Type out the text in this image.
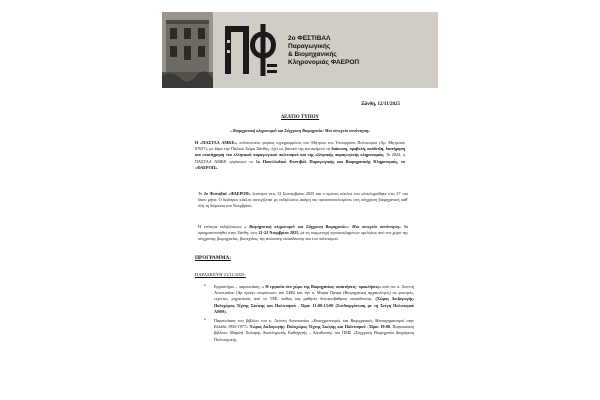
2ο ΦΕΣΤΙΒΑΛ
Παραγωγικής
& Βιομηχανικής
Κληρονομιάς ΦΑΕΡΟΠ
Ξάνθη, 12/11/2025
ΔΕΛΤΙΟ ΤΥΠΟΥ
« Βιομηχανική κληρονομιά και Σύγχρονη Βιομηχανία: Μια συνεχεία συνάντηση»
Η «ΠΑΣΤΑΛ ΑΜΚΕ», πολιτιστικός φορέας εγγεγραμμένος στο Μητρώο του Υπουργείου Πολιτισμού (Αρ. Μητρώου 67657), με έδρα την Παλαιά Χώρα Ξάνθης, έχει ως βασικό της αντικείμενο τη διάσωση, προβολή, ανάδειξη, διατήρηση και επανάχρηση του ελληνικού παραγωγικού πολιτισμού και της ελληνικής παραγωγικής κληρονομιάς. Το 2024, η ΠΑΣΤΑΛ ΑΜΚΕ οργάνωσε το 1ο Πανελλαδικό Φεστιβάλ Παραγωγικής και Βιομηχανικής Κληρονομιάς, το «ΦΑΕΡΟΠ».
Το 2ο Φεστιβάλ «ΦΑΕΡΟΠ» ξεκίνησε στις 13 Σεπτεμβρίου 2025 και ο πρώτος κύκλος του ολοκληρώθηκε στις 27 του ίδιου μήνα. Ο δεύτερος κύκλος συνεχίζεται με εκδηλώσεις ακόμη πιο προσανατολισμένες στη σύγχρονη βιομηχανική καθ' όλη τη διάρκεια του Νοεμβρίου.
Η ενότητα εκδηλώσεων « Βιομηχανική κληρονομιά και Σύγχρονη Βιομηχανία»: Μια συνεχεία συνάντηση» θα πραγματοποιηθεί στην Ξάνθη, στις 21-22 Νοεμβρίου 2025, με τη συμμετοχή προσκεκλημένων ομιλητών από τον χώρο της σύγχρονης βιομηχανίας, βιοτεχνίας, της ανώτατης εκπαίδευσης και του πολιτισμού.
ΠΡΟΓΡΑΜΜΑ:
ΠΑΡΑΣΚΕΥΗ 21/11/2025:
• Εργαστήριο – παρουσίαση: « Η εργασία στο χώρο της Βιομηχανίας: απαιτήσεις- προκλήσεις» από τον κ. Λεοντή Ανυστασίου (Δρ πρώην εκπρόσωπο του ΣΕΒ) και την κ. Μαρία Πατρά (Βιομηχανική αρχαιολόγος) σε φοιτητές, τεχνίτες, μηχανικούς από το ΤΕΕ, καθώς και μαθητές δευτεροβάθμιας εκπαίδευσης. (Χώρος Διεξαγωγής: Πολυχώρος Τέχνης Σκέψης και Πολιτισμού . Ώρα: 11:00-13:00 (Συνδιοργάνωση με τη Στέγη Πολιτισμού ΑΜΘ).
• Παρουσίαση του βιβλίου του κ. Λεοντή Ανυστασίου «Εκσυγχρονισμός και Βιομηχανικές Μετασχηματισμοί στην Ελλάδα 1950-1977» Χώρος Διεξαγωγής: Πολυχώρος Τέχνης Σκέψης και Πολιτισμού . Ώρα: 19:00. Παρουσίαση βιβλίου: Μαριλή Χαλαρής Αναπληρωτής Καθηγητής – Διευθυντής του ΠΜΣ «Σύγχρονη Βιομηχανία Διαχείριση Πολιτισμικής
